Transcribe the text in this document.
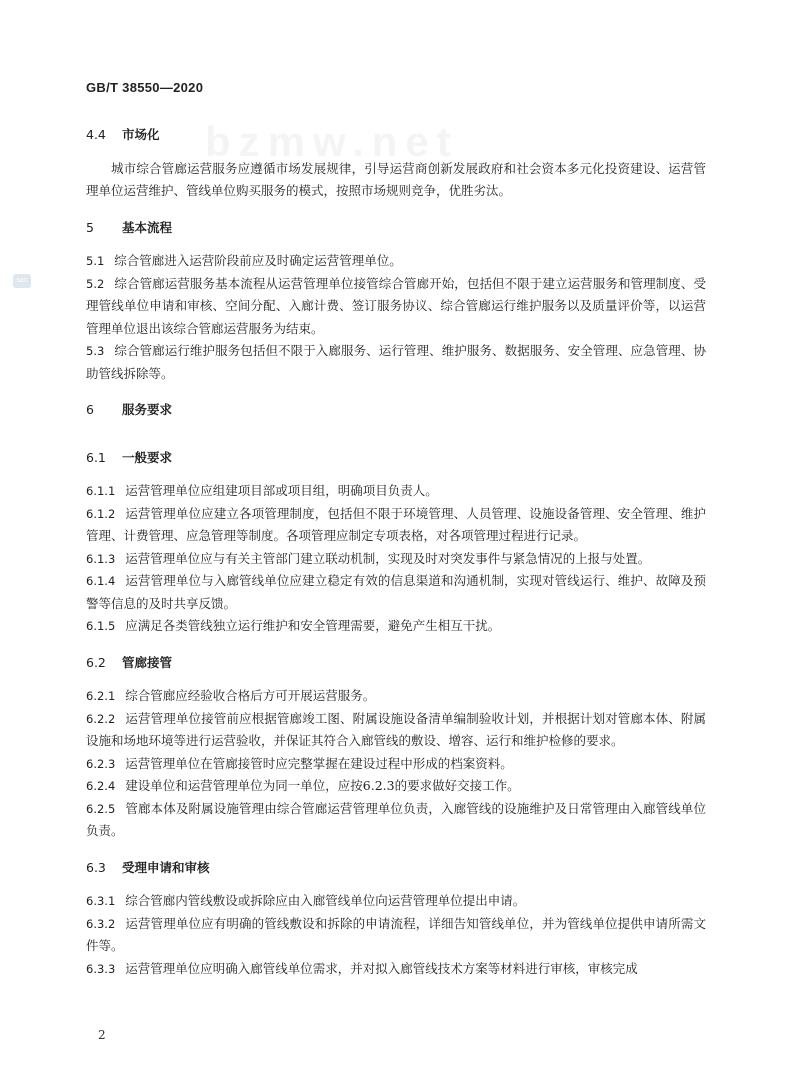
GB/T 38550—2020
sac
4.4	市场化
城市综合管廊运营服务应遵循市场发展规律，引导运营商创新发展政府和社会资本多元化投资建设、运营管理单位运营维护、管线单位购买服务的模式，按照市场规则竞争，优胜劣汰。
5	基本流程
5.1 综合管廊进入运营阶段前应及时确定运营管理单位。
5.2 综合管廊运营服务基本流程从运营管理单位接管综合管廊开始，包括但不限于建立运营服务和管理制度、受理管线单位申请和审核、空间分配、入廊计费、签订服务协议、综合管廊运行维护服务以及质量评价等，以运营管理单位退出该综合管廊运营服务为结束。
5.3 综合管廊运行维护服务包括但不限于入廊服务、运行管理、维护服务、数据服务、安全管理、应急管理、协助管线拆除等。
6	服务要求
6.1	一般要求
6.1.1 运营管理单位应组建项目部或项目组，明确项目负责人。
6.1.2 运营管理单位应建立各项管理制度，包括但不限于环境管理、人员管理、设施设备管理、安全管理、维护管理、计费管理、应急管理等制度。各项管理应制定专项表格，对各项管理过程进行记录。
6.1.3 运营管理单位应与有关主管部门建立联动机制，实现及时对突发事件与紧急情况的上报与处置。
6.1.4 运营管理单位与入廊管线单位应建立稳定有效的信息渠道和沟通机制，实现对管线运行、维护、故障及预警等信息的及时共享反馈。
6.1.5 应满足各类管线独立运行维护和安全管理需要，避免产生相互干扰。
6.2	管廊接管
6.2.1 综合管廊应经验收合格后方可开展运营服务。
6.2.2 运营管理单位接管前应根据管廊竣工图、附属设施设备清单编制验收计划，并根据计划对管廊本体、附属设施和场地环境等进行运营验收，并保证其符合入廊管线的敷设、增容、运行和维护检修的要求。
6.2.3 运营管理单位在管廊接管时应完整掌握在建设过程中形成的档案资料。
6.2.4 建设单位和运营管理单位为同一单位，应按6.2.3的要求做好交接工作。
6.2.5 管廊本体及附属设施管理由综合管廊运营管理单位负责，入廊管线的设施维护及日常管理由入廊管线单位负责。
6.3	受理申请和审核
6.3.1 综合管廊内管线敷设或拆除应由入廊管线单位向运营管理单位提出申请。
6.3.2 运营管理单位应有明确的管线敷设和拆除的申请流程，详细告知管线单位，并为管线单位提供申请所需文件等。
6.3.3 运营管理单位应明确入廊管线单位需求，并对拟入廊管线技术方案等材料进行审核，审核完成
2
